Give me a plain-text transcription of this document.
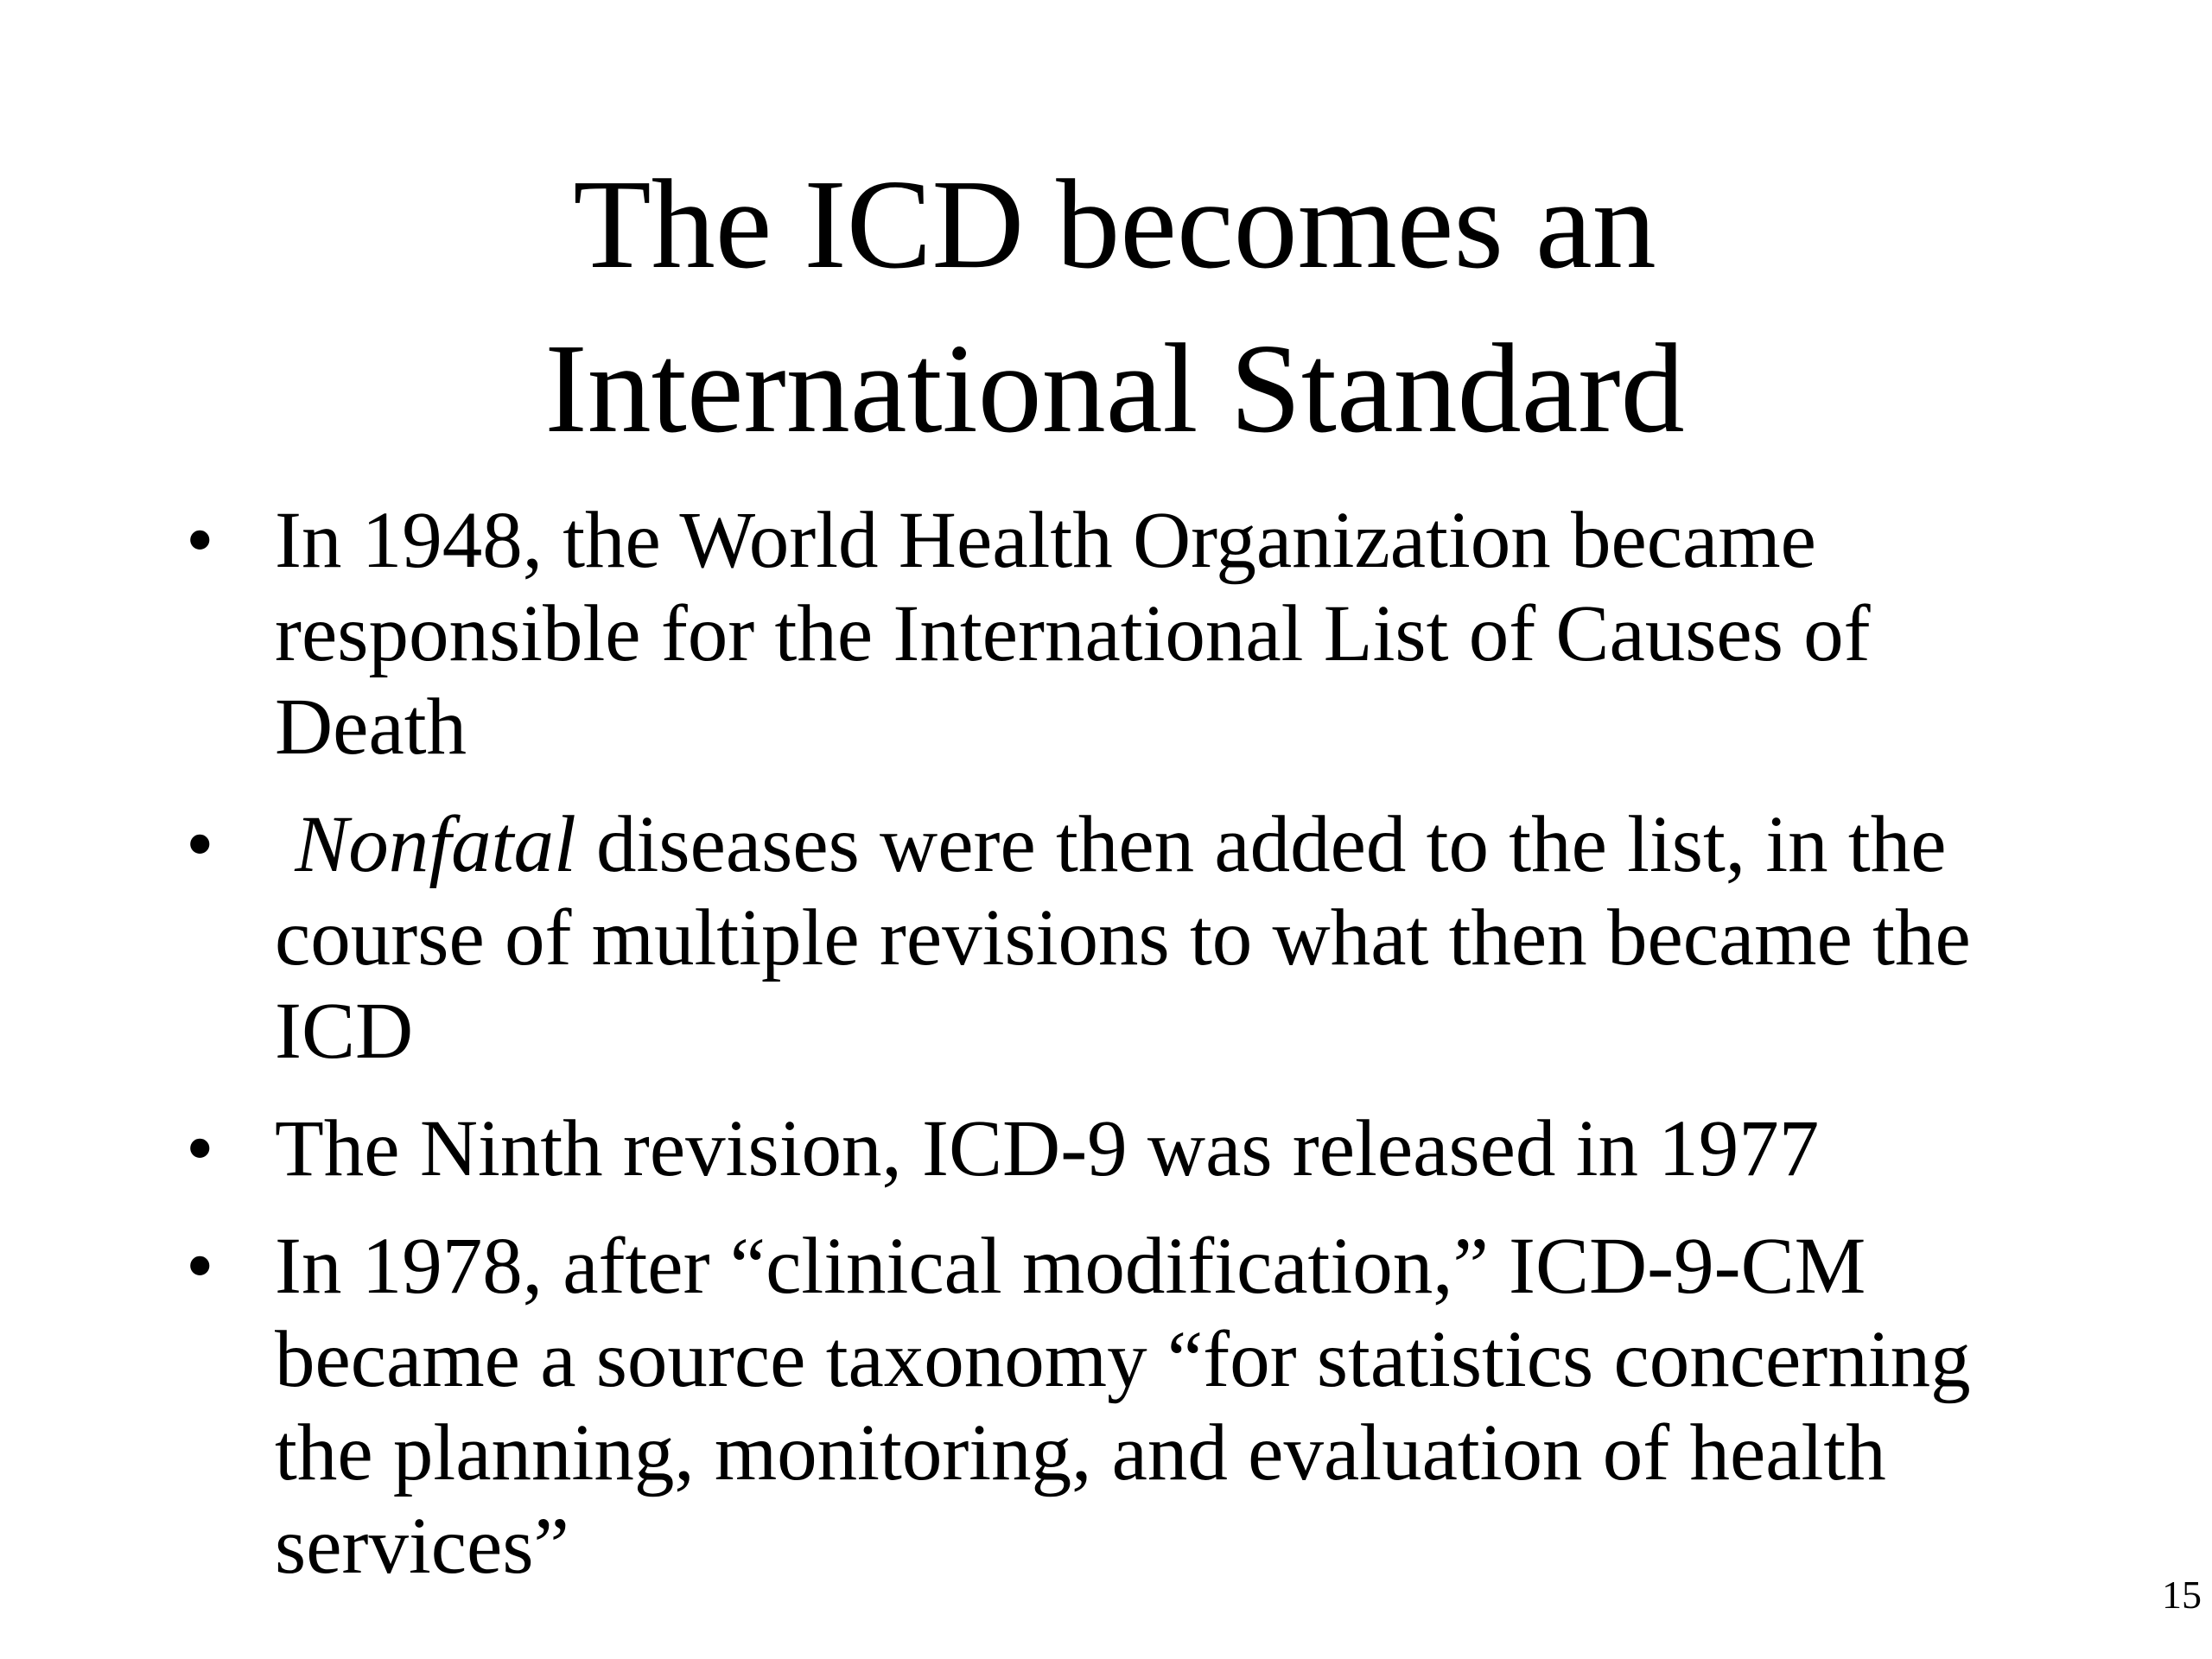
The ICD becomes an
International Standard
• In 1948, the World Health Organization became responsible for the International List of Causes of Death
• Nonfatal diseases were then added to the list, in the course of multiple revisions to what then became the ICD
• The Ninth revision, ICD-9 was released in 1977
• In 1978, after “clinical modification,” ICD-9-CM became a source taxonomy “for statistics concerning the planning, monitoring, and evaluation of health services”
15
